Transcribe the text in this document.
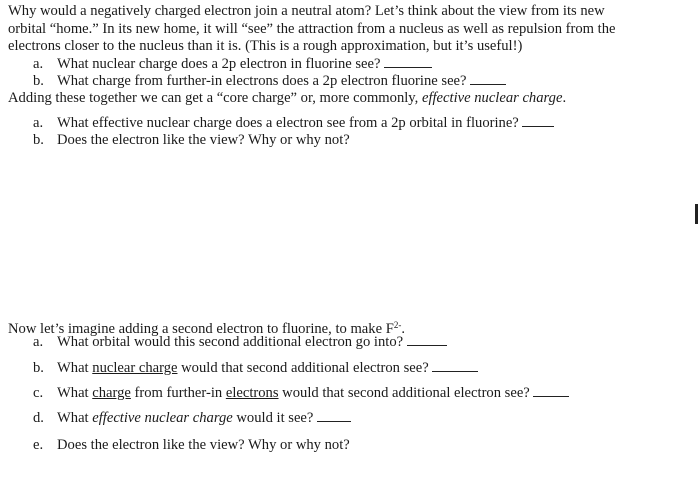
Why would a negatively charged electron join a neutral atom? Let’s think about the view from its new
orbital “home.” In its new home, it will “see” the attraction from a nucleus as well as repulsion from the
electrons closer to the nucleus than it is. (This is a rough approximation, but it’s useful!)
a. What nuclear charge does a 2p electron in fluorine see?
b. What charge from further-in electrons does a 2p electron fluorine see?
Adding these together we can get a “core charge” or, more commonly, effective nuclear charge.
a. What effective nuclear charge does a electron see from a 2p orbital in fluorine?
b. Does the electron like the view? Why or why not?
Now let’s imagine adding a second electron to fluorine, to make $F^{2-}$.
a. What orbital would this second additional electron go into?
b. What nuclear charge would that second additional electron see?
c. What charge from further-in electrons would that second additional electron see?
d. What effective nuclear charge would it see?
e. Does the electron like the view? Why or why not?
